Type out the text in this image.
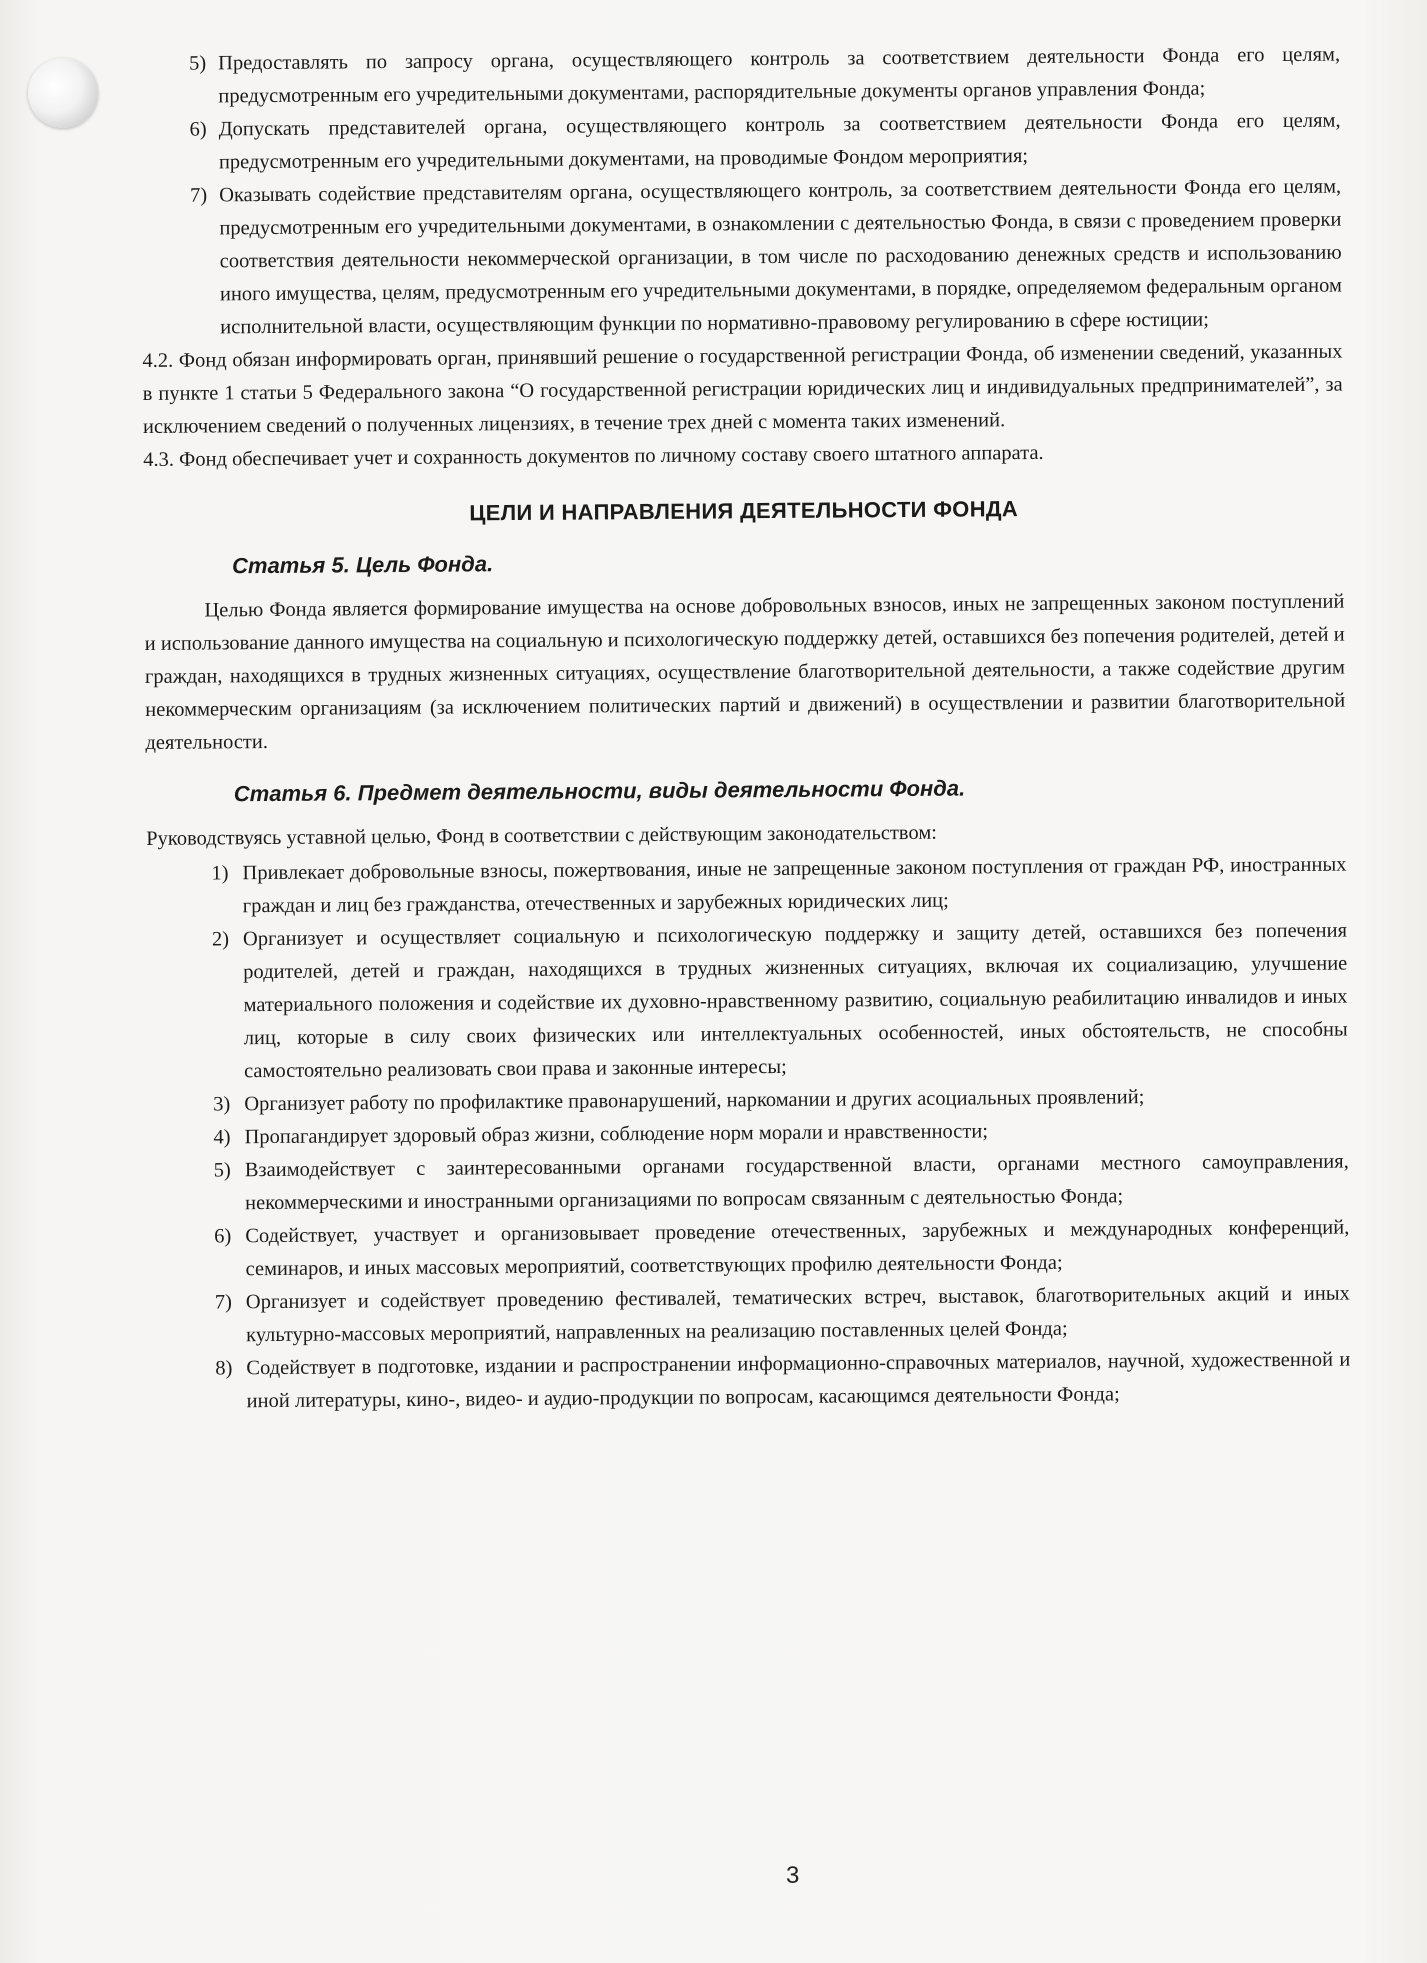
5) Предоставлять по запросу органа, осуществляющего контроль за соответствием деятельности Фонда его целям, предусмотренным его учредительными документами, распорядительные документы органов управления Фонда;
6) Допускать представителей органа, осуществляющего контроль за соответствием деятельности Фонда его целям, предусмотренным его учредительными документами, на проводимые Фондом мероприятия;
7) Оказывать содействие представителям органа, осуществляющего контроль, за соответствием деятельности Фонда его целям, предусмотренным его учредительными документами, в ознакомлении с деятельностью Фонда, в связи с проведением проверки соответствия деятельности некоммерческой организации, в том числе по расходованию денежных средств и использованию иного имущества, целям, предусмотренным его учредительными документами, в порядке, определяемом федеральным органом исполнительной власти, осуществляющим функции по нормативно-правовому регулированию в сфере юстиции;
4.2. Фонд обязан информировать орган, принявший решение о государственной регистрации Фонда, об изменении сведений, указанных в пункте 1 статьи 5 Федерального закона “О государственной регистрации юридических лиц и индивидуальных предпринимателей”, за исключением сведений о полученных лицензиях, в течение трех дней с момента таких изменений.
4.3. Фонд обеспечивает учет и сохранность документов по личному составу своего штатного аппарата.
ЦЕЛИ И НАПРАВЛЕНИЯ ДЕЯТЕЛЬНОСТИ ФОНДА
Статья 5. Цель Фонда.
Целью Фонда является формирование имущества на основе добровольных взносов, иных не запрещенных законом поступлений и использование данного имущества на социальную и психологическую поддержку детей, оставшихся без попечения родителей, детей и граждан, находящихся в трудных жизненных ситуациях, осуществление благотворительной деятельности, а также содействие другим некоммерческим организациям (за исключением политических партий и движений) в осуществлении и развитии благотворительной деятельности.
Статья 6. Предмет деятельности, виды деятельности Фонда.
Руководствуясь уставной целью, Фонд в соответствии с действующим законодательством:
1) Привлекает добровольные взносы, пожертвования, иные не запрещенные законом поступления от граждан РФ, иностранных граждан и лиц без гражданства, отечественных и зарубежных юридических лиц;
2) Организует и осуществляет социальную и психологическую поддержку и защиту детей, оставшихся без попечения родителей, детей и граждан, находящихся в трудных жизненных ситуациях, включая их социализацию, улучшение материального положения и содействие их духовно-нравственному развитию, социальную реабилитацию инвалидов и иных лиц, которые в силу своих физических или интеллектуальных особенностей, иных обстоятельств, не способны самостоятельно реализовать свои права и законные интересы;
3) Организует работу по профилактике правонарушений, наркомании и других асоциальных проявлений;
4) Пропагандирует здоровый образ жизни, соблюдение норм морали и нравственности;
5) Взаимодействует с заинтересованными органами государственной власти, органами местного самоуправления, некоммерческими и иностранными организациями по вопросам связанным с деятельностью Фонда;
6) Содействует, участвует и организовывает проведение отечественных, зарубежных и международных конференций, семинаров, и иных массовых мероприятий, соответствующих профилю деятельности Фонда;
7) Организует и содействует проведению фестивалей, тематических встреч, выставок, благотворительных акций и иных культурно-массовых мероприятий, направленных на реализацию поставленных целей Фонда;
8) Содействует в подготовке, издании и распространении информационно-справочных материалов, научной, художественной и иной литературы, кино-, видео- и аудио-продукции по вопросам, касающимся деятельности Фонда;
3
